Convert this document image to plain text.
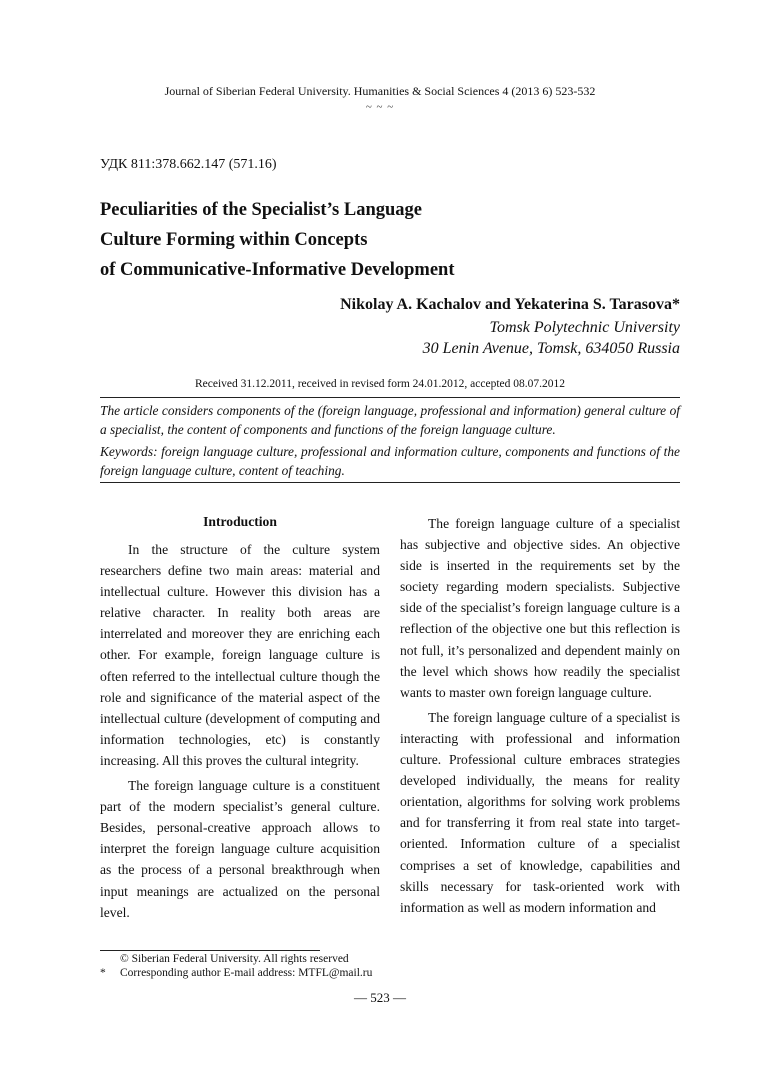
Journal of Siberian Federal University. Humanities & Social Sciences 4 (2013 6) 523-532
~ ~ ~
УДК 811:378.662.147 (571.16)
Peculiarities of the Specialist’s Language
Culture Forming within Concepts
of Communicative-Informative Development
Nikolay A. Kachalov and Yekaterina S. Tarasova*
Tomsk Polytechnic University
30 Lenin Avenue, Tomsk, 634050 Russia
Received 31.12.2011, received in revised form 24.01.2012, accepted 08.07.2012
The article considers components of the (foreign language, professional and information) general culture of a specialist, the content of components and functions of the foreign language culture.
Keywords: foreign language culture, professional and information culture, components and functions of the foreign language culture, content of teaching.
Introduction

In the structure of the culture system researchers define two main areas: material and intellectual culture. However this division has a relative character. In reality both areas are interrelated and moreover they are enriching each other. For example, foreign language culture is often referred to the intellectual culture though the role and significance of the material aspect of the intellectual culture (development of computing and information technologies, etc) is constantly increasing. All this proves the cultural integrity.

The foreign language culture is a constituent part of the modern specialist’s general culture. Besides, personal-creative approach allows to interpret the foreign language culture acquisition as the process of a personal breakthrough when input meanings are actualized on the personal level.

The foreign language culture of a specialist has subjective and objective sides. An objective side is inserted in the requirements set by the society regarding modern specialists. Subjective side of the specialist’s foreign language culture is a reflection of the objective one but this reflection is not full, it’s personalized and dependent mainly on the level which shows how readily the specialist wants to master own foreign language culture.

The foreign language culture of a specialist is interacting with professional and information culture. Professional culture embraces strategies developed individually, the means for reality orientation, algorithms for solving work problems and for transferring it from real state into target-oriented. Information culture of a specialist comprises a set of knowledge, capabilities and skills necessary for task-oriented work with information as well as modern information and

© Siberian Federal University. All rights reserved
* Corresponding author E-mail address: MTFL@mail.ru
— 523 —
